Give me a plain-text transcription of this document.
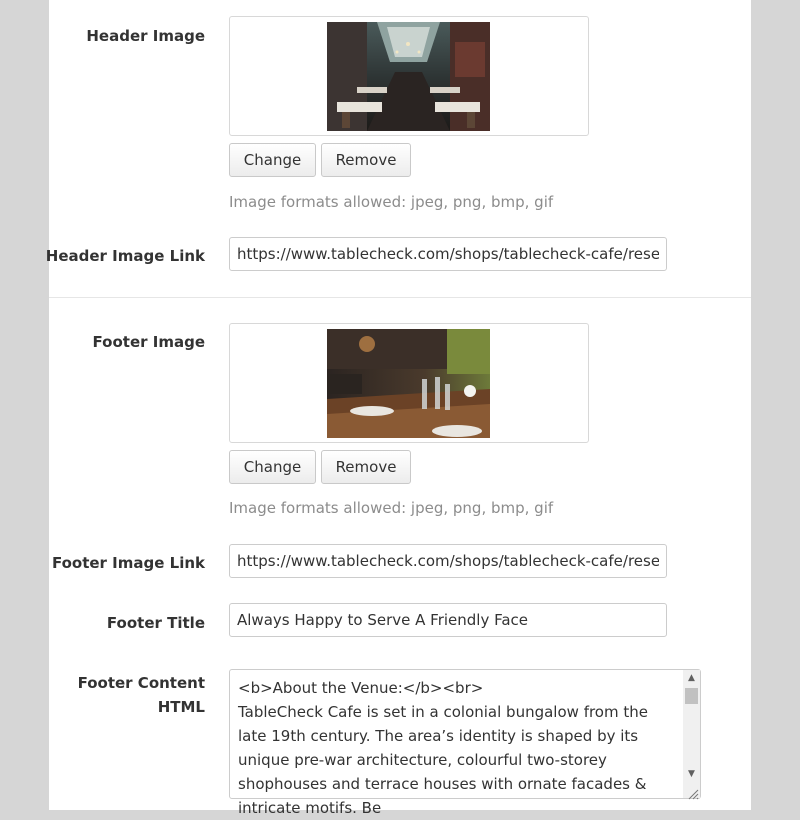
Header Image
Change	Remove
Image formats allowed: jpeg, png, bmp, gif
Header Image Link
https://www.tablecheck.com/shops/tablecheck-cafe/reserve
Footer Image
Change	Remove
Image formats allowed: jpeg, png, bmp, gif
Footer Image Link
https://www.tablecheck.com/shops/tablecheck-cafe/reserve
Footer Title
Always Happy to Serve A Friendly Face
Footer Content
HTML
<b>About the Venue:</b><br>
TableCheck Cafe is set in a colonial bungalow from the late 19th century. The area’s identity is shaped by its unique pre-war architecture, colourful two-storey shophouses and terrace houses with ornate facades & intricate motifs. Be
▲
▼
